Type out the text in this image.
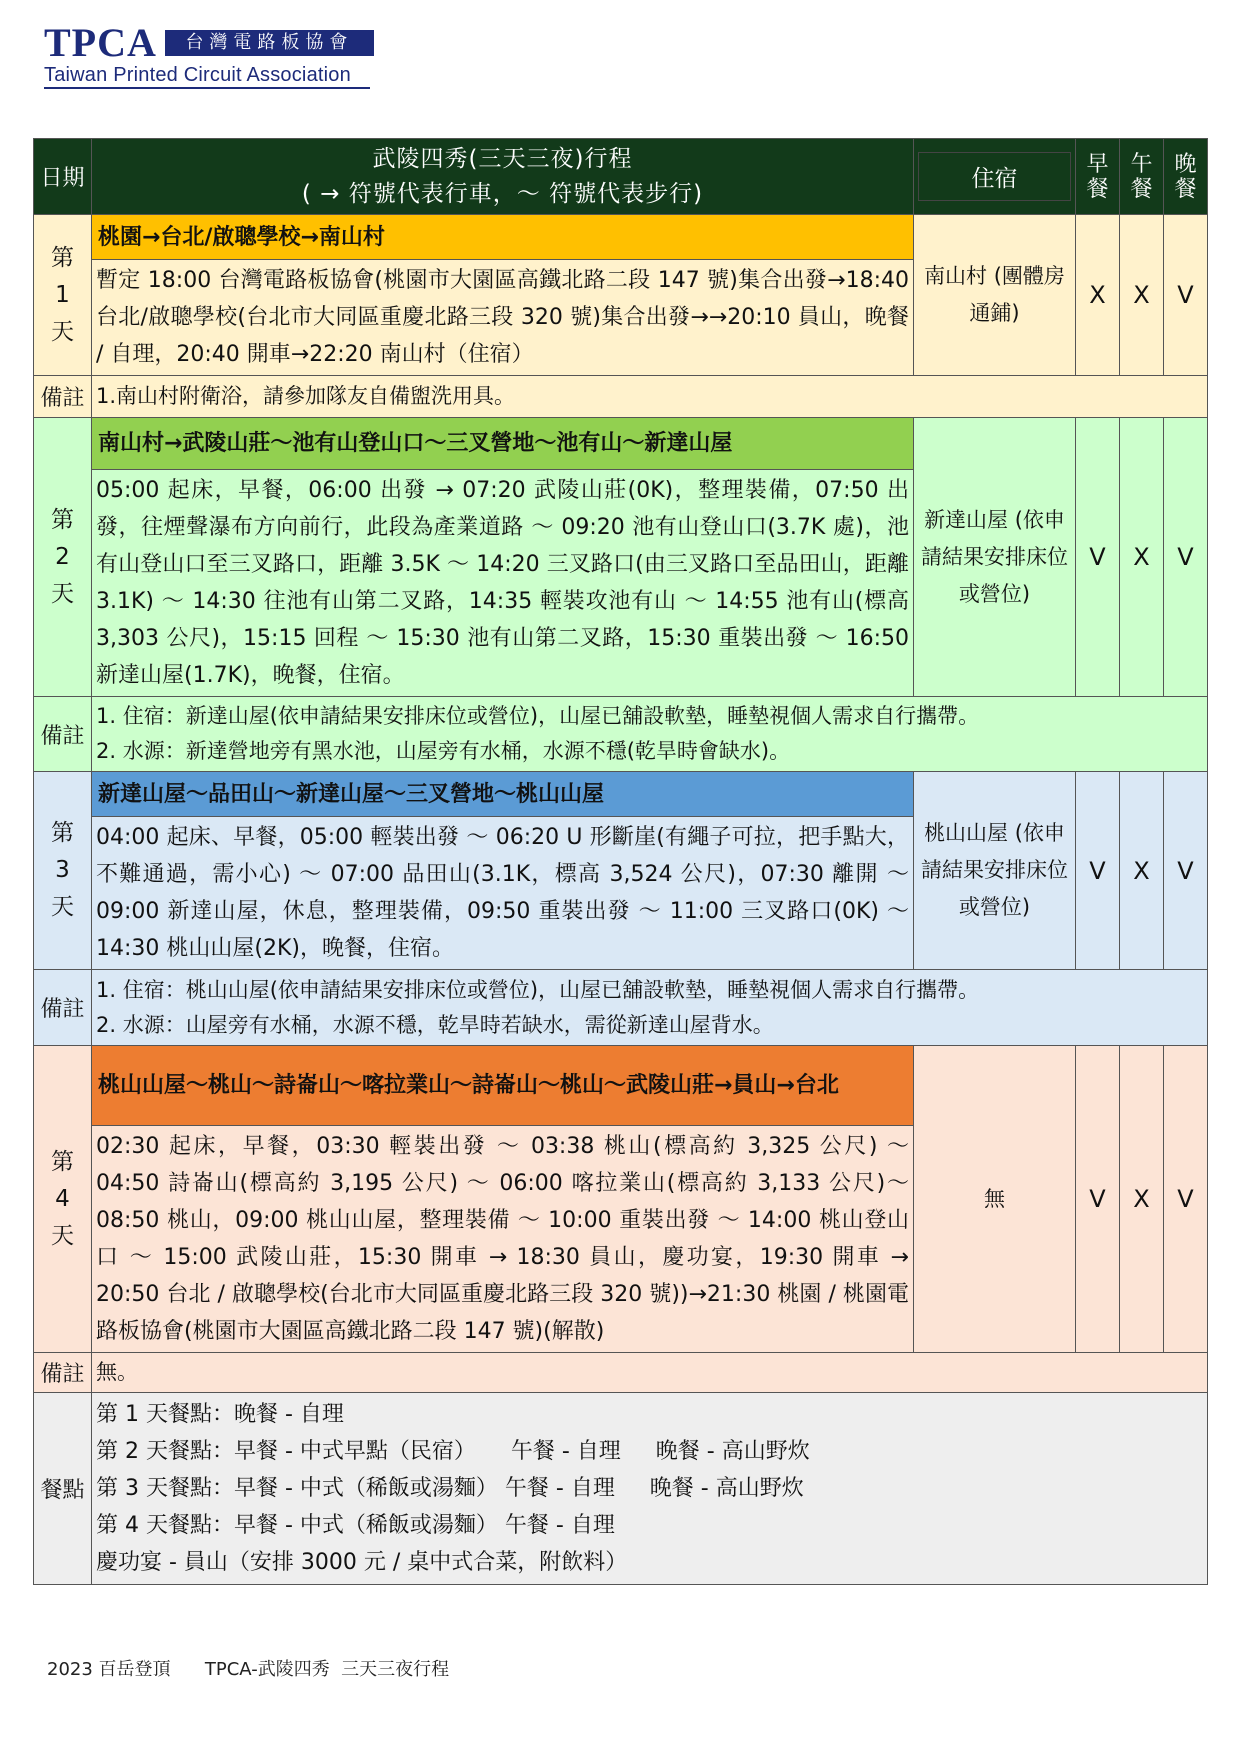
TPCA	台灣電路板協會
Taiwan Printed Circuit Association
日期	武陵四秀(三天三夜)行程
( → 符號代表行車，～ 符號代表步行)	住宿	早餐	午餐	晚餐

第1天	桃園→台北/啟聰學校→南山村	南山村 (團體房通鋪)	X	X	V
	暫定 18:00 台灣電路板協會(桃園市大園區高鐵北路二段 147 號)集合出發→18:40 台北/啟聰學校(台北市大同區重慶北路三段 320 號)集合出發→→20:10 員山，晚餐 / 自理，20:40 開車→22:20 南山村（住宿）				
備註	1.南山村附衛浴，請參加隊友自備盥洗用具。				

第2天	南山村→武陵山莊～池有山登山口～三叉營地～池有山～新達山屋	新達山屋 (依申請結果安排床位或營位)	V	X	V
	05:00 起床，早餐，06:00 出發 → 07:20 武陵山莊(0K)，整理裝備，07:50 出發，往煙聲瀑布方向前行，此段為產業道路 ～ 09:20 池有山登山口(3.7K 處)，池有山登山口至三叉路口，距離 3.5K ～ 14:20 三叉路口(由三叉路口至品田山，距離 3.1K) ～ 14:30 往池有山第二叉路，14:35 輕裝攻池有山 ～ 14:55 池有山(標高 3,303 公尺)，15:15 回程 ～ 15:30 池有山第二叉路，15:30 重裝出發 ～ 16:50 新達山屋(1.7K)，晚餐，住宿。				
備註	1. 住宿：新達山屋(依申請結果安排床位或營位)，山屋已舖設軟墊，睡墊視個人需求自行攜帶。
2. 水源：新達營地旁有黑水池，山屋旁有水桶，水源不穩(乾旱時會缺水)。				

第3天	新達山屋～品田山～新達山屋～三叉營地～桃山山屋	桃山山屋 (依申請結果安排床位或營位)	V	X	V
	04:00 起床、早餐，05:00 輕裝出發 ～ 06:20 U 形斷崖(有繩子可拉，把手點大，不難通過，需小心) ～ 07:00 品田山(3.1K，標高 3,524 公尺)，07:30 離開 ～ 09:00 新達山屋，休息，整理裝備，09:50 重裝出發 ～ 11:00 三叉路口(0K) ～ 14:30 桃山山屋(2K)，晚餐，住宿。				
備註	1. 住宿：桃山山屋(依申請結果安排床位或營位)，山屋已舖設軟墊，睡墊視個人需求自行攜帶。
2. 水源：山屋旁有水桶，水源不穩，乾旱時若缺水，需從新達山屋背水。				

第4天	桃山山屋～桃山～詩崙山～喀拉業山～詩崙山～桃山～武陵山莊→員山→台北	無	V	X	V
	02:30 起床，早餐，03:30 輕裝出發 ～ 03:38 桃山(標高約 3,325 公尺) ～ 04:50 詩崙山(標高約 3,195 公尺) ～ 06:00 喀拉業山(標高約 3,133 公尺)～ 08:50 桃山，09:00 桃山山屋，整理裝備 ～ 10:00 重裝出發 ～ 14:00 桃山登山口 ～ 15:00 武陵山莊，15:30 開車 → 18:30 員山，慶功宴，19:30 開車 → 20:50 台北 / 啟聰學校(台北市大同區重慶北路三段 320 號))→21:30 桃園 / 桃園電路板協會(桃園市大園區高鐵北路二段 147 號)(解散)				
備註	無。				

餐點	第 1 天餐點：晚餐 - 自理
第 2 天餐點：早餐 - 中式早點（民宿）     午餐 - 自理     晚餐 - 高山野炊
第 3 天餐點：早餐 - 中式（稀飯或湯麵） 午餐 - 自理     晚餐 - 高山野炊
第 4 天餐點：早餐 - 中式（稀飯或湯麵） 午餐 - 自理
慶功宴 - 員山（安排 3000 元 / 桌中式合菜，附飲料）				
2023 百岳登頂      TPCA-武陵四秀  三天三夜行程
